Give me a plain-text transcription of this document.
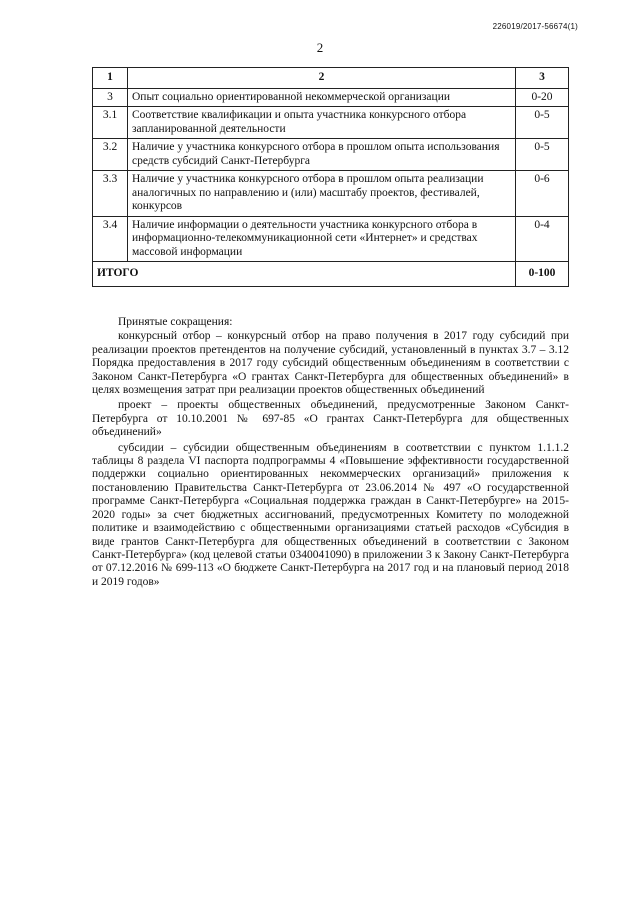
226019/2017-56674(1)
2
1	2	3
3	Опыт социально ориентированной некоммерческой организации	0-20
3.1	Соответствие квалификации и опыта участника конкурсного отбора запланированной деятельности	0-5
3.2	Наличие у участника конкурсного отбора в прошлом опыта использования средств субсидий Санкт-Петербурга	0-5
3.3	Наличие у участника конкурсного отбора в прошлом опыта реализации аналогичных по направлению и (или) масштабу проектов, фестивалей, конкурсов	0-6
3.4	Наличие информации о деятельности участника конкурсного отбора в информационно-телекоммуникационной сети «Интернет» и средствах массовой информации	0-4
ИТОГО		0-100

Принятые сокращения:

конкурсный отбор – конкурсный отбор на право получения в 2017 году субсидий при реализации проектов претендентов на получение субсидий, установленный в пунктах 3.7 – 3.12 Порядка предоставления в 2017 году субсидий общественным объединениям в соответствии с Законом Санкт-Петербурга «О грантах Санкт-Петербурга для общественных объединений» в целях возмещения затрат при реализации проектов общественных объединений

проект – проекты общественных объединений, предусмотренные Законом Санкт-Петербурга от 10.10.2001 № 697-85 «О грантах Санкт-Петербурга для общественных объединений»

субсидии – субсидии общественным объединениям в соответствии с пунктом 1.1.1.2 таблицы 8 раздела VI паспорта подпрограммы 4 «Повышение эффективности государственной поддержки социально ориентированных некоммерческих организаций» приложения к постановлению Правительства Санкт-Петербурга от 23.06.2014 № 497 «О государственной программе Санкт-Петербурга «Социальная поддержка граждан в Санкт-Петербурге» на 2015-2020 годы» за счет бюджетных ассигнований, предусмотренных Комитету по молодежной политике и взаимодействию с общественными организациями статьей расходов «Субсидия в виде грантов Санкт-Петербурга для общественных объединений в соответствии с Законом Санкт-Петербурга» (код целевой статьи 0340041090) в приложении 3 к Закону Санкт-Петербурга от 07.12.2016 № 699-113 «О бюджете Санкт-Петербурга на 2017 год и на плановый период 2018 и 2019 годов»
